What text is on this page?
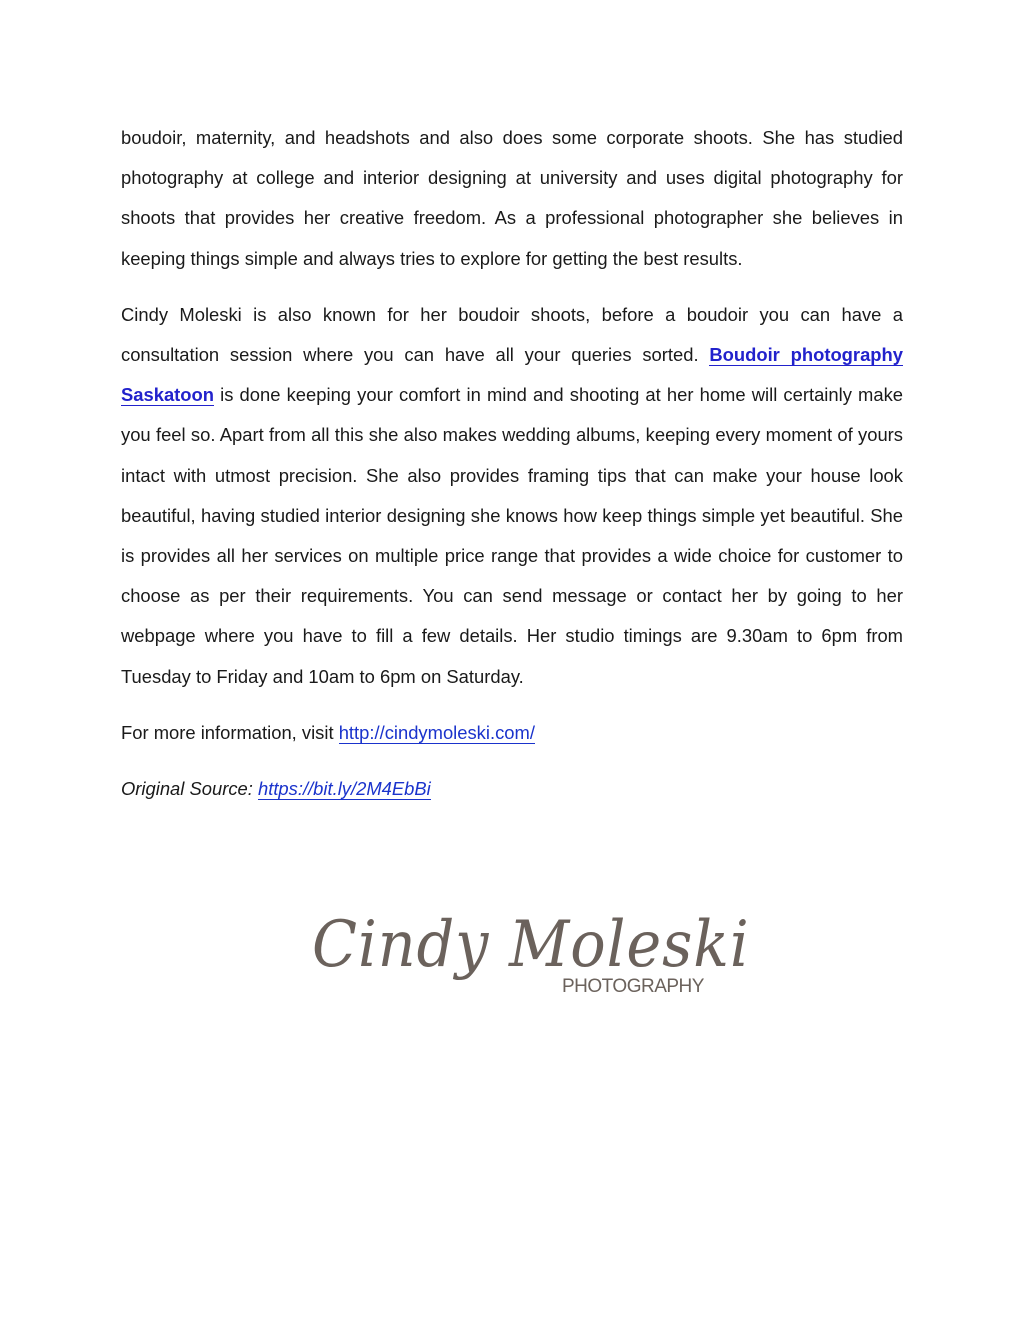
boudoir, maternity, and headshots and also does some corporate shoots. She has studied photography at college and interior designing at university and uses digital photography for shoots that provides her creative freedom. As a professional photographer she believes in keeping things simple and always tries to explore for getting the best results.

Cindy Moleski is also known for her boudoir shoots, before a boudoir you can have a consultation session where you can have all your queries sorted. Boudoir photography Saskatoon is done keeping your comfort in mind and shooting at her home will certainly make you feel so. Apart from all this she also makes wedding albums, keeping every moment of yours intact with utmost precision. She also provides framing tips that can make your house look beautiful, having studied interior designing she knows how keep things simple yet beautiful. She is provides all her services on multiple price range that provides a wide choice for customer to choose as per their requirements. You can send message or contact her by going to her webpage where you have to fill a few details. Her studio timings are 9.30am to 6pm from Tuesday to Friday and 10am to 6pm on Saturday.

For more information, visit http://cindymoleski.com/

Original Source: https://bit.ly/2M4EbBi

Cindy Moleski
PHOTOGRAPHY
